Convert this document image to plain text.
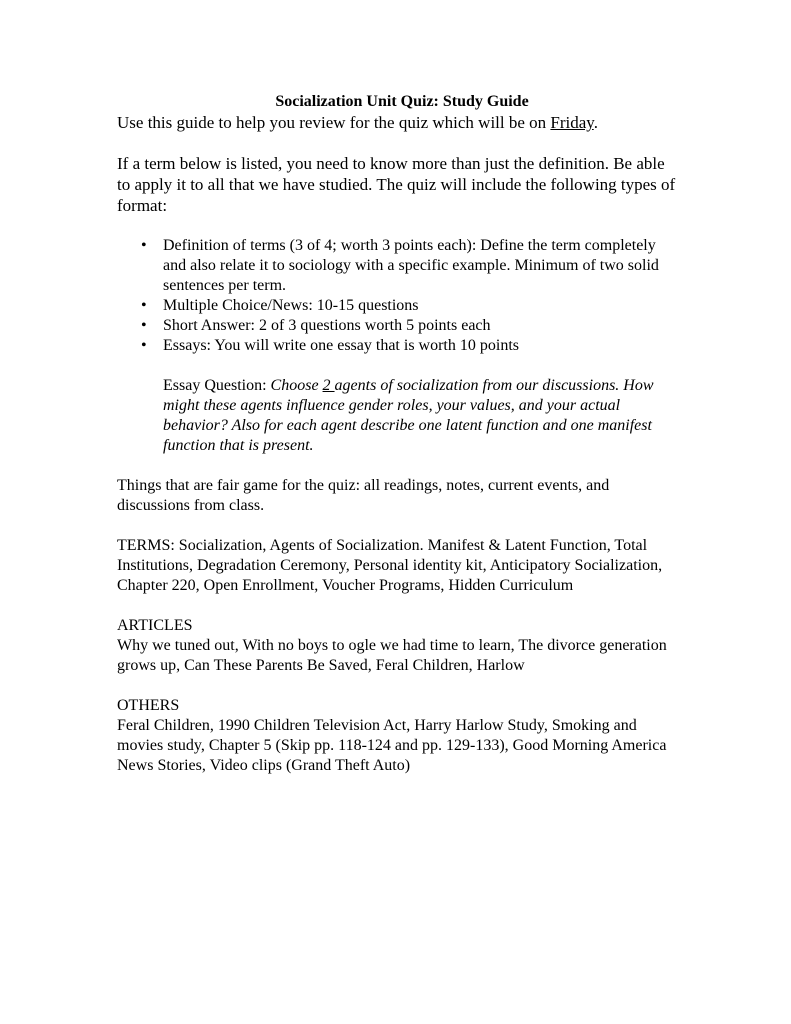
Socialization Unit Quiz: Study Guide

Use this guide to help you review for the quiz which will be on Friday.

If a term below is listed, you need to know more than just the definition. Be able to apply it to all that we have studied. The quiz will include the following types of format:

• Definition of terms (3 of 4; worth 3 points each): Define the term completely and also relate it to sociology with a specific example. Minimum of two solid sentences per term.
• Multiple Choice/News: 10-15 questions
• Short Answer: 2 of 3 questions worth 5 points each
• Essays: You will write one essay that is worth 10 points

Essay Question: Choose 2 agents of socialization from our discussions. How might these agents influence gender roles, your values, and your actual behavior? Also for each agent describe one latent function and one manifest function that is present.

Things that are fair game for the quiz: all readings, notes, current events, and discussions from class.

TERMS: Socialization, Agents of Socialization. Manifest & Latent Function, Total Institutions, Degradation Ceremony, Personal identity kit, Anticipatory Socialization, Chapter 220, Open Enrollment, Voucher Programs, Hidden Curriculum

ARTICLES

Why we tuned out, With no boys to ogle we had time to learn, The divorce generation grows up, Can These Parents Be Saved, Feral Children, Harlow

OTHERS

Feral Children, 1990 Children Television Act, Harry Harlow Study, Smoking and movies study, Chapter 5 (Skip pp. 118-124 and pp. 129-133), Good Morning America News Stories, Video clips (Grand Theft Auto)
